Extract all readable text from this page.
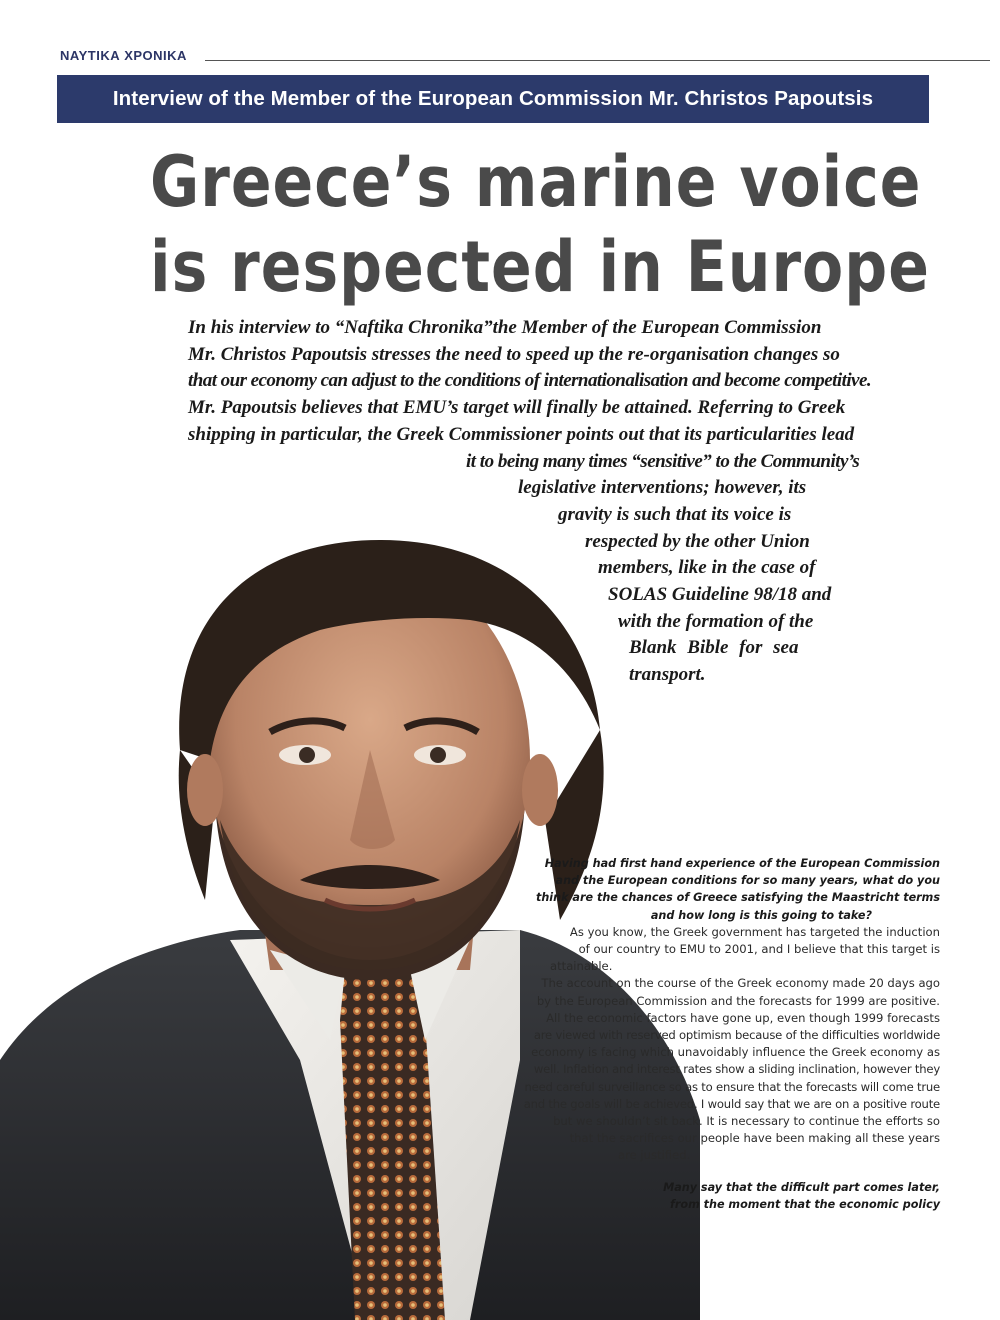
ΝΑΥΤΙΚΑ ΧΡΟΝΙΚΑ
Interview of the Member of the European Commission Mr. Christos Papoutsis
Greece’s marine voice
is respected in Europe
In his interview to “Naftika Chronika”the Member of the European Commission
Mr. Christos Papoutsis stresses the need to speed up the re-organisation changes so
that our economy can adjust to the conditions of internationalisation and become competitive.
Mr. Papoutsis believes that EMU’s target will finally be attained. Referring to Greek
shipping in particular, the Greek Commissioner points out that its particularities lead
it to being many times “sensitive” to the Community’s
legislative interventions; however, its
gravity is such that its voice is
respected by the other Union
members, like in the case of
SOLAS Guideline 98/18 and
with the formation of the
Blank Bible for sea
transport.
Having had first hand experience of the European Commission
and the European conditions for so many years, what do you
think are the chances of Greece satisfying the Maastricht terms
and how long is this going to take?
As you know, the Greek government has targeted the induction
of our country to EMU to 2001, and I believe that this target is
attainable.
The account on the course of the Greek economy made 20 days ago
by the European Commission and the forecasts for 1999 are positive.
All the economic factors have gone up, even though 1999 forecasts
are viewed with reserved optimism because of the difficulties worldwide
economy is facing which unavoidably influence the Greek economy as
well. Inflation and interest rates show a sliding inclination, however they
need careful surveillance so as to ensure that the forecasts will come true
and the goals will be achieved. I would say that we are on a positive route
but we shouldn’t sit back. It is necessary to continue the efforts so
that the sacrifices our people have been making all these years
are justified.
Many say that the difficult part comes later,
from the moment that the economic policy
